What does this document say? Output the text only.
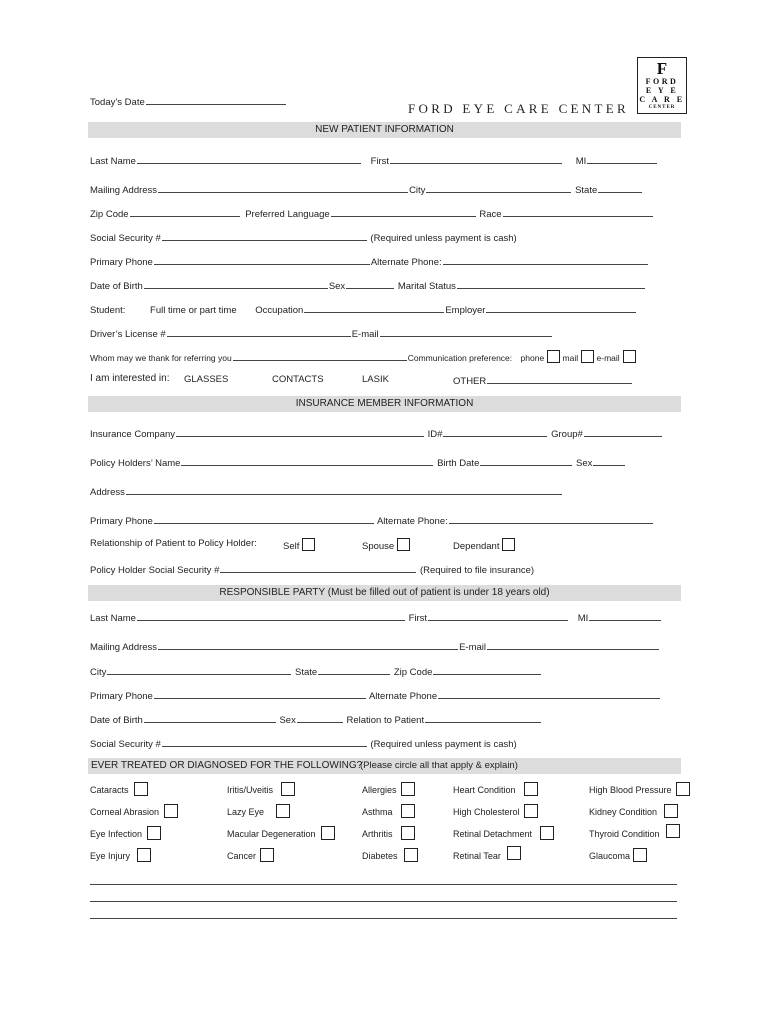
Today’s Date	FORD EYE CARE CENTER
F
FORD
E Y E
C A R E
CENTER
NEW PATIENT INFORMATION
Last Name	First	MI
Mailing Address	City	State
Zip Code	Preferred Language	Race
Social Security #	(Required unless payment is cash)
Primary Phone	Alternate Phone:
Date of Birth	Sex	Marital Status
Student:	Full time or part time Occupation	Employer
Driver’s License #	E-mail
Whom may we thank for referring you	Communication preference: phone mail e-mail
I am interested in: GLASSES	CONTACTS	LASIK	OTHER
INSURANCE MEMBER INFORMATION
Insurance Company	ID#	Group#
Policy Holders’ Name	Birth Date	Sex
Address
Primary Phone	Alternate Phone:
Relationship of Patient to Policy Holder:	Self	Spouse	Dependant
Policy Holder Social Security #	(Required to file insurance)
RESPONSIBLE PARTY (Must be filled out of patient is under 18 years old)
Last Name	First	MI
Mailing Address	E-mail
City	State	Zip Code
Primary Phone	Alternate Phone
Date of Birth	Sex	Relation to Patient
Social Security #	(Required unless payment is cash)
EVER TREATED OR DIAGNOSED FOR THE FOLLOWING?
(Please circle all that apply & explain)
Cataracts	Iritis/Uveitis	Allergies	Heart Condition	High Blood Pressure
Corneal Abrasion	Lazy Eye	Asthma	High Cholesterol	Kidney Condition
Eye Infection	Macular Degeneration	Arthritis	Retinal Detachment	Thyroid Condition
Eye Injury	Cancer	Diabetes	Retinal Tear	Glaucoma
